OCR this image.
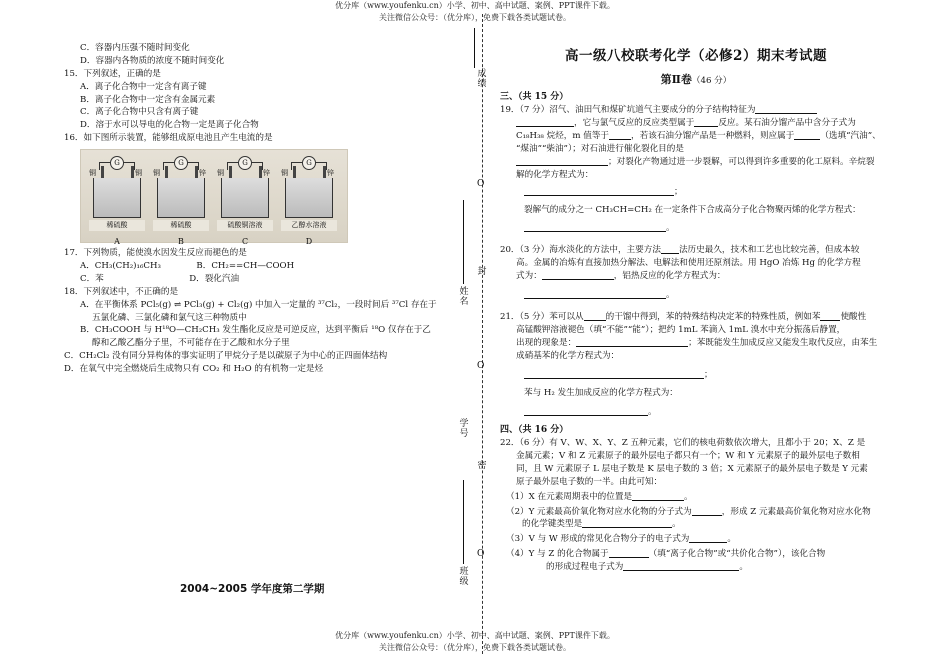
优分库（www.youfenku.cn）小学、初中、高中试题、案例、PPT课件下载。
关注微信公众号：（优分库），免费下载各类试题试卷。
成绩
O
封
姓名
O
学号
密
O
班级
C．容器内压强不随时间变化
D．容器内各物质的浓度不随时间变化
15．下列叙述，正确的是
A．离子化合物中一定含有离子键
B．离子化合物中一定含有金属元素
C．离子化合物中只含有离子键
D．溶于水可以导电的化合物一定是离子化合物
16．如下图所示装置，能够组成原电池且产生电流的是
G
铜	铜
稀硫酸
A
G
铜	锌
稀硫酸
B
G
铜	锌
硫酸铜溶液
C
G
铜	锌
乙醇水溶液
D
17．下列物质，能使溴水因发生反应而褪色的是
A．CH₃(CH₂)₁₆CH₃	B．CH₂==CH—COOH
C．苯	D．裂化汽油
18．下列叙述中，不正确的是
A．在平衡体系 PCl₅(g) ⇌ PCl₃(g) + Cl₂(g) 中加入一定量的 ³⁷Cl₂，一段时间后 ³⁷Cl 存在于
五氯化磷、三氯化磷和氯气这三种物质中
B．CH₃COOH 与 H¹⁸O—CH₂CH₃ 发生酯化反应是可逆反应，达到平衡后 ¹⁸O 仅存在于乙
醇和乙酸乙酯分子里，不可能存在于乙酸和水分子里
C．CH₂Cl₂ 没有同分异构体的事实证明了甲烷分子是以碳原子为中心的正四面体结构
D．在氧气中完全燃烧后生成物只有 CO₂ 和 H₂O 的有机物一定是烃
2004~2005 学年度第二学期
高一级八校联考化学（必修2）期末考试题
第Ⅱ卷（46 分）
三、（共 15 分）
19．（7 分）沼气、油田气和煤矿坑道气主要成分的分子结构特征为
，它与氯气反应的反应类型属于	反应。某石油分馏产品中含分子式为
C₁₈H₃₈ 烷烃，m 值等于	，若该石油分馏产品是一种燃料，则应属于	（选填“汽油”、
“煤油”“柴油”）；对石油进行催化裂化目的是
；对裂化产物通过进一步裂解，可以得到许多重要的化工原料。辛烷裂
解的化学方程式为：
；
裂解气的成分之一 CH₃CH=CH₂ 在一定条件下合成高分子化合物聚丙烯的化学方程式：
。
20．（3 分）海水淡化的方法中，主要方法 法历史最久，技术和工艺也比较完善，但成本较
高。金属的冶炼有直接加热分解法、电解法和使用还原剂法。用 HgO 冶炼 Hg 的化学方程
式为：	，铝热反应的化学方程式为：
。
21．（5 分）苯可以从	的干馏中得到，苯的特殊结构决定苯的特殊性质，例如苯 使酸性
高锰酸钾溶液褪色（填“不能”“能”）；把约 1mL 苯滴入 1mL 溴水中充分振荡后静置，
出现的现象是：	；苯既能发生加成反应又能发生取代反应，由苯生
成硝基苯的化学方程式为：
；
苯与 H₂ 发生加成反应的化学方程式为：
。
四、（共 16 分）
22．（6 分）有 V、W、X、Y、Z 五种元素，它们的核电荷数依次增大，且都小于 20；X、Z 是
金属元素；V 和 Z 元素原子的最外层电子都只有一个；W 和 Y 元素原子的最外层电子数相
同，且 W 元素原子 L 层电子数是 K 层电子数的 3 倍；X 元素原子的最外层电子数是 Y 元素
原子最外层电子数的一半。由此可知：
（1）X 在元素周期表中的位置是	。
（2）Y 元素最高价氧化物对应水化物的分子式为	，形成 Z 元素最高价氧化物对应水化物
的化学键类型是	。
（3）V 与 W 形成的常见化合物分子的电子式为	。
（4）Y 与 Z 的化合物属于	（填“离子化合物”或“共价化合物”），该化合物
的形成过程电子式为	。
优分库（www.youfenku.cn）小学、初中、高中试题、案例、PPT课件下载。
关注微信公众号：（优分库），免费下载各类试题试卷。
